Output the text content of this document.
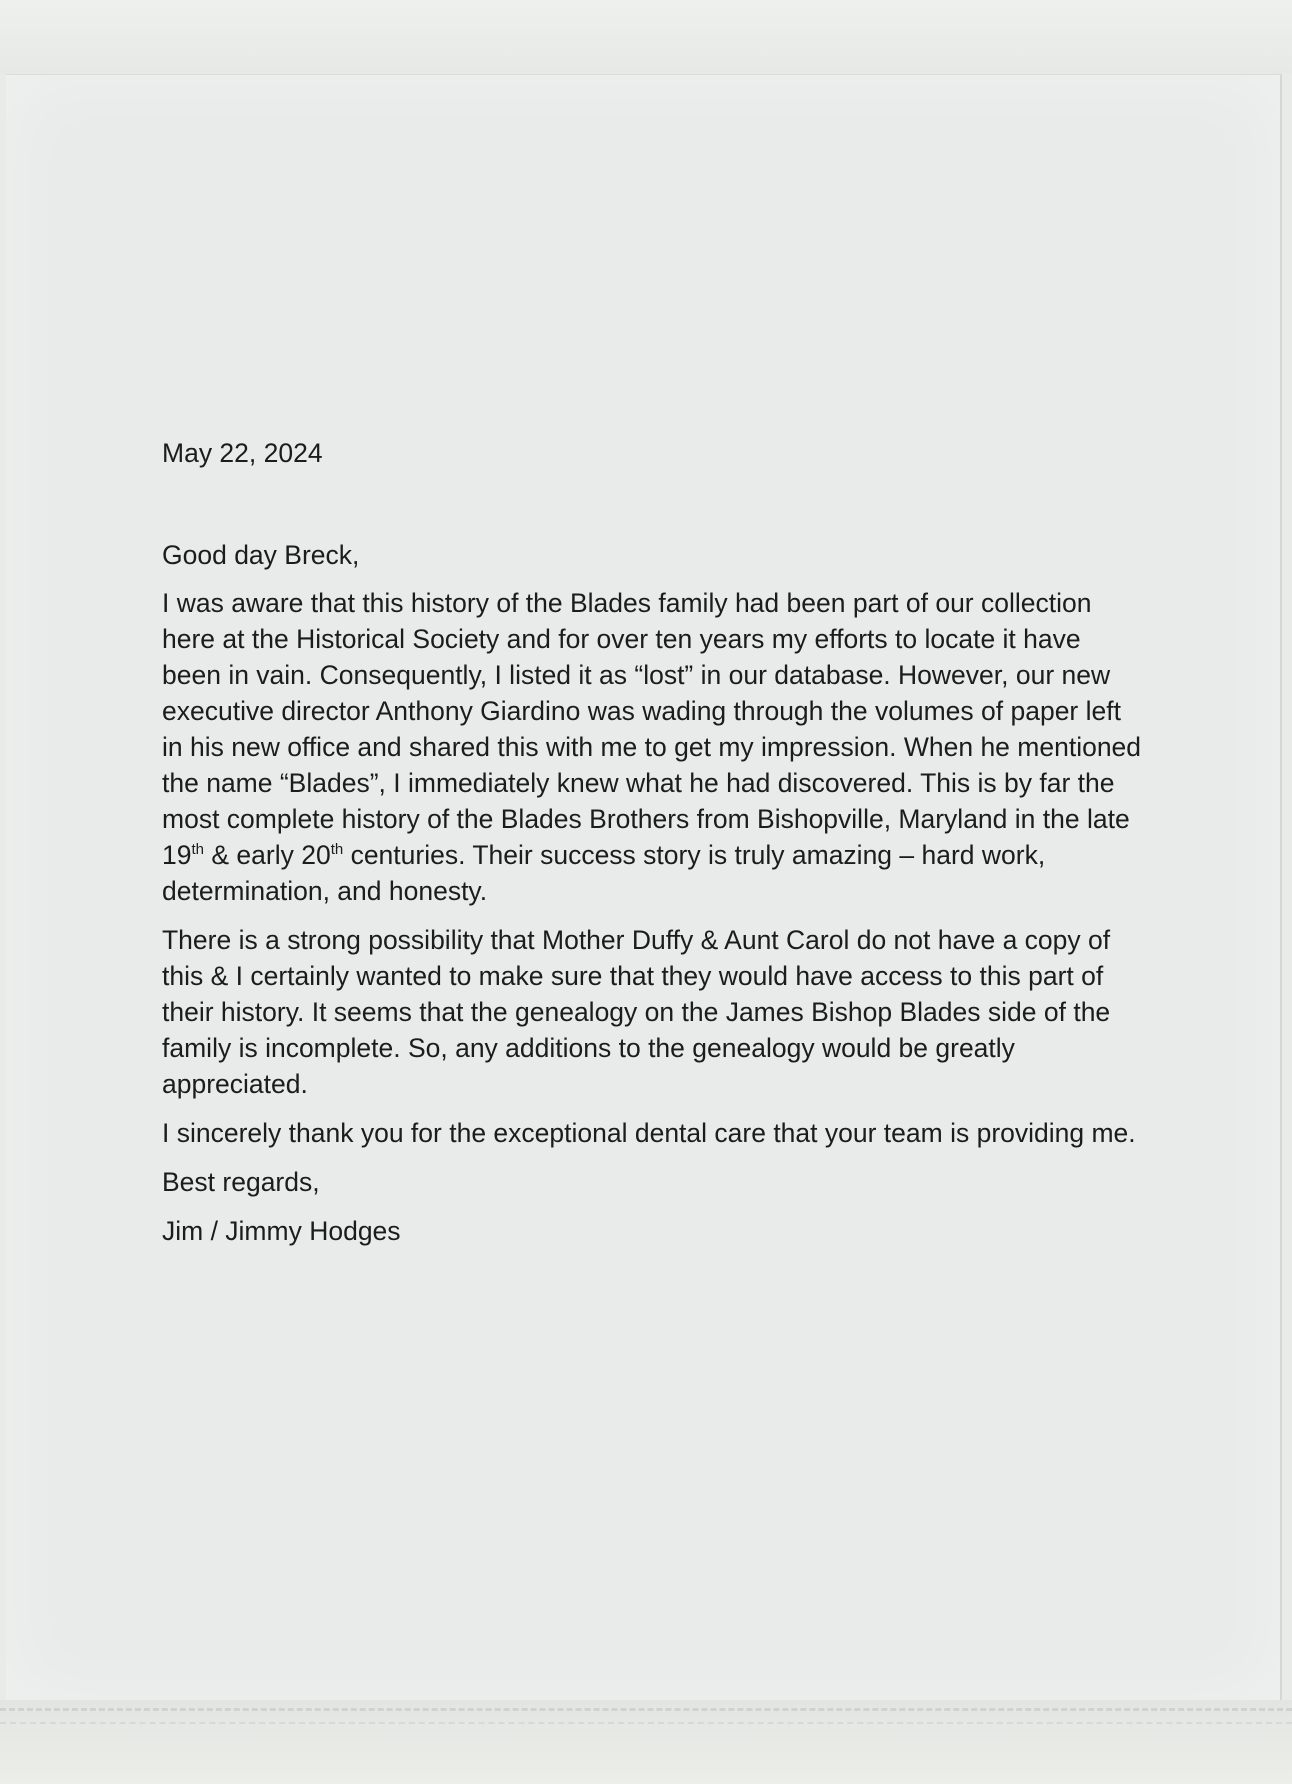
May 22, 2024

Good day Breck,

I was aware that this history of the Blades family had been part of our collection here at the Historical Society and for over ten years my efforts to locate it have been in vain. Consequently, I listed it as “lost” in our database. However, our new executive director Anthony Giardino was wading through the volumes of paper left in his new office and shared this with me to get my impression. When he mentioned the name “Blades”, I immediately knew what he had discovered. This is by far the most complete history of the Blades Brothers from Bishopville, Maryland in the late 19th & early 20th centuries. Their success story is truly amazing – hard work, determination, and honesty.

There is a strong possibility that Mother Duffy & Aunt Carol do not have a copy of this & I certainly wanted to make sure that they would have access to this part of their history. It seems that the genealogy on the James Bishop Blades side of the family is incomplete. So, any additions to the genealogy would be greatly appreciated.

I sincerely thank you for the exceptional dental care that your team is providing me.

Best regards,

Jim / Jimmy Hodges
